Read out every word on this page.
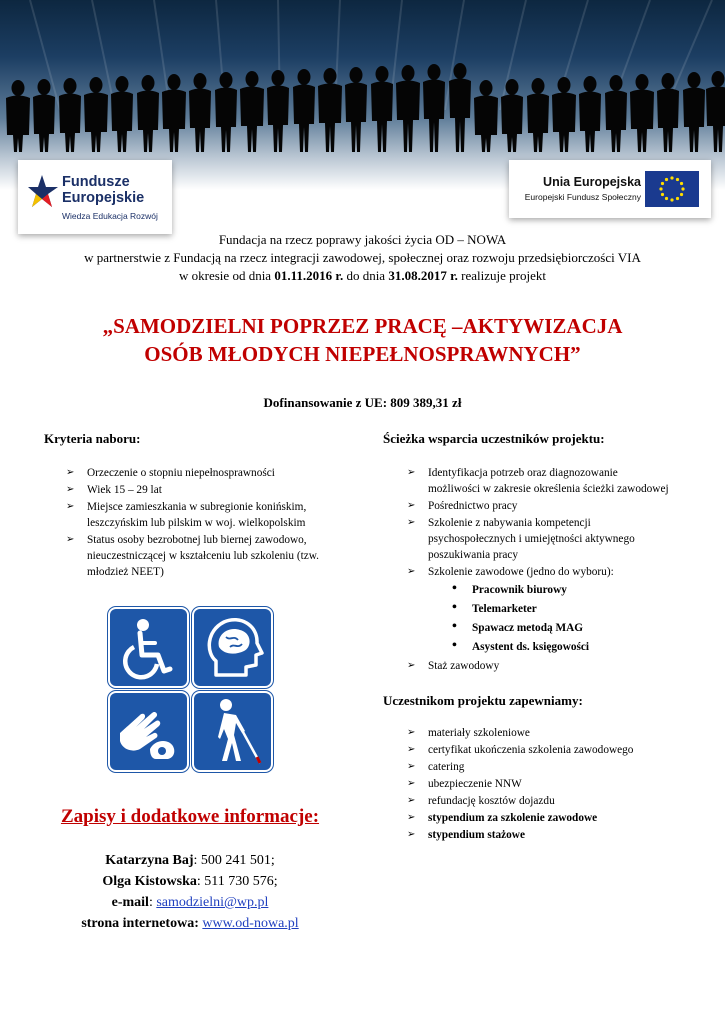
Fundusze
Europejskie
Wiedza Edukacja Rozwój
Unia Europejska
Europejski Fundusz Społeczny
Fundacja na rzecz poprawy jakości życia OD – NOWA
w partnerstwie z Fundacją na rzecz integracji zawodowej, społecznej oraz rozwoju przedsiębiorczości VIA
w okresie od dnia 01.11.2016 r. do dnia 31.08.2017 r. realizuje projekt
„SAMODZIELNI POPRZEZ PRACĘ –AKTYWIZACJA
OSÓB MŁODYCH NIEPEŁNOSPRAWNYCH”
Dofinansowanie z UE: 809 389,31 zł
Kryteria naboru:
➢ Orzeczenie o stopniu niepełnosprawności
➢ Wiek 15 – 29 lat
➢ Miejsce zamieszkania w subregionie konińskim, leszczyńskim lub pilskim w woj. wielkopolskim
➢ Status osoby bezrobotnej lub biernej zawodowo, nieuczestniczącej w kształceniu lub szkoleniu (tzw. młodzież NEET)
Zapisy i dodatkowe informacje:
Katarzyna Baj: 500 241 501;
Olga Kistowska: 511 730 576;
e-mail: samodzielni@wp.pl
strona internetowa: www.od-nowa.pl
Ścieżka wsparcia uczestników projektu:
➢ Identyfikacja potrzeb oraz diagnozowanie możliwości w zakresie określenia ścieżki zawodowej
➢ Pośrednictwo pracy
➢ Szkolenie z nabywania kompetencji psychospołecznych i umiejętności aktywnego poszukiwania pracy
➢ Szkolenie zawodowe (jedno do wyboru):
• Pracownik biurowy
• Telemarketer
• Spawacz metodą MAG
• Asystent ds. księgowości
➢ Staż zawodowy
Uczestnikom projektu zapewniamy:
➢ materiały szkoleniowe
➢ certyfikat ukończenia szkolenia zawodowego
➢ catering
➢ ubezpieczenie NNW
➢ refundację kosztów dojazdu
➢ stypendium za szkolenie zawodowe
➢ stypendium stażowe
